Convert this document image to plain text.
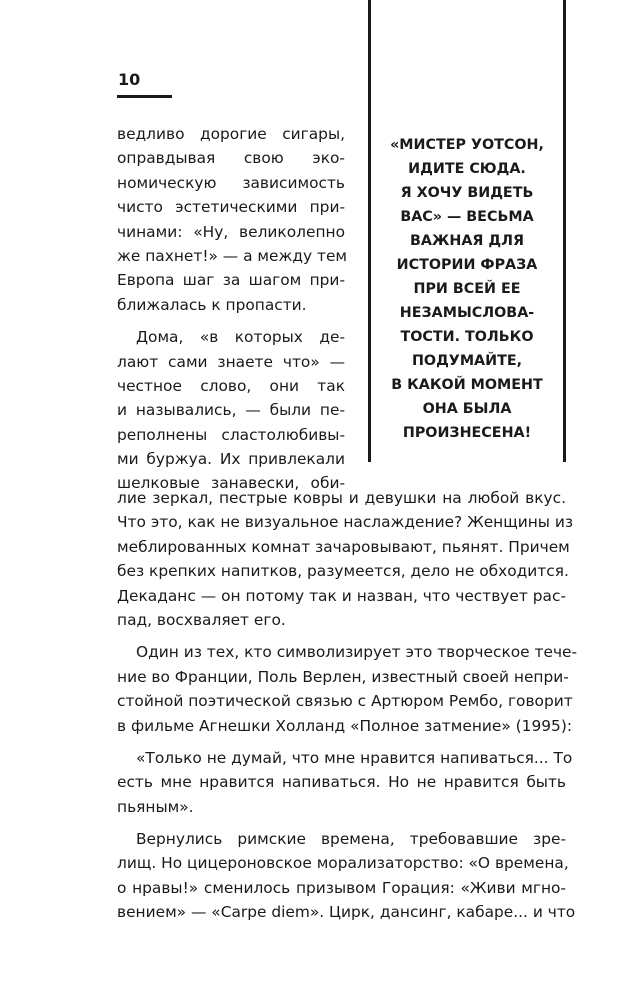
10
«МИСТЕР УОТСОН,
ИДИТЕ СЮДА.
Я ХОЧУ ВИДЕТЬ
ВАС» — ВЕСЬМА
ВАЖНАЯ ДЛЯ
ИСТОРИИ ФРАЗА
ПРИ ВСЕЙ ЕЕ
НЕЗАМЫСЛОВА-
ТОСТИ. ТОЛЬКО
ПОДУМАЙТЕ,
В КАКОЙ МОМЕНТ
ОНА БЫЛА
ПРОИЗНЕСЕНА!
ведливо дорогие сигары,
оправдывая свою эко-
номическую зависимость
чисто эстетическими при-
чинами: «Ну, великолепно
же пахнет!» — а между тем
Европа шаг за шагом при-
ближалась к пропасти.
Дома, «в которых де-
лают сами знаете что» —
честное слово, они так
и назывались, — были пе-
реполнены сластолюбивы-
ми буржуа. Их привлекали
шелковые занавески, оби-
лие зеркал, пестрые ковры и девушки на любой вкус.
Что это, как не визуальное наслаждение? Женщины из
меблированных комнат зачаровывают, пьянят. Причем
без крепких напитков, разумеется, дело не обходится.
Декаданс — он потому так и назван, что чествует рас-
пад, восхваляет его.
Один из тех, кто символизирует это творческое тече-
ние во Франции, Поль Верлен, известный своей непри-
стойной поэтической связью с Артюром Рембо, говорит
в фильме Агнешки Холланд «Полное затмение» (1995):
«Только не думай, что мне нравится напиваться... То
есть мне нравится напиваться. Но не нравится быть
пьяным».
Вернулись римские времена, требовавшие зре-
лищ. Но цицероновское морализаторство: «О времена,
о нравы!» сменилось призывом Горация: «Живи мгно-
вением» — «Carpe diem». Цирк, дансинг, кабаре... и что
